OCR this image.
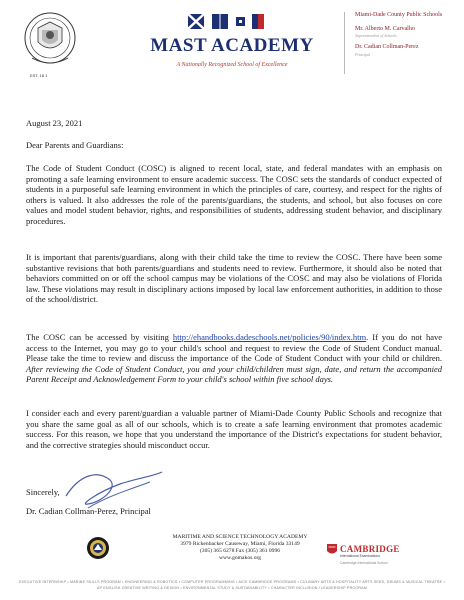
EST. 18 1
MAST ACADEMY
A Nationally Recognized School of Excellence
Miami-Dade County Public Schools
Mr. Alberto M. Carvalho
Superintendent of Schools
Dr. Cadian Collman-Perez
Principal
August 23, 2021
Dear Parents and Guardians:

The Code of Student Conduct (COSC) is aligned to recent local, state, and federal mandates with an emphasis on promoting a safe learning environment to ensure academic success. The COSC sets the standards of conduct expected of students in a purposeful safe learning environment in which the principles of care, courtesy, and respect for the rights of others is valued. It also addresses the role of the parents/guardians, the students, and school, but also focuses on core values and model student behavior, rights, and responsibilities of students, addressing student behavior, and disciplinary procedures.

It is important that parents/guardians, along with their child take the time to review the COSC. There have been some substantive revisions that both parents/guardians and students need to review. Furthermore, it should also be noted that behaviors committed on or off the school campus may be violations of the COSC and may also be violations of Florida law. These violations may result in disciplinary actions imposed by local law enforcement authorities, in addition to those of the school/district.

The COSC can be accessed by visiting http://ehandbooks.dadeschools.net/policies/90/index.htm. If you do not have access to the Internet, you may go to your child's school and request to review the Code of Student Conduct manual. Please take the time to review and discuss the importance of the Code of Student Conduct with your child or children. After reviewing the Code of Student Conduct, you and your child/children must sign, date, and return the accompanied Parent Receipt and Acknowledgement Form to your child's school within five school days.

I consider each and every parent/guardian a valuable partner of Miami-Dade County Public Schools and recognize that you share the same goal as all of our schools, which is to create a safe learning environment that promotes academic success. For this reason, we hope that you understand the importance of the District's expectations for student behavior, and the corrective strategies should misconduct occur.

Sincerely,
Dr. Cadian Collman-Perez, Principal
MARITIME AND SCIENCE TECHNOLOGY ACADEMY
3979 Rickenbacker Causeway, Miami, Florida 33149
(305) 365 6278 Fax (305) 361 0996
www.gomakos.org
CAMBRIDGE
International Examinations
Cambridge International School
EXECUTIVE INTERNSHIP • MARINE SKILLS PROGRAM • ENGINEERING & ROBOTICS • COMPUTER PROGRAMMING • AICE CAMBRIDGE PROGRAMS • CULINARY ARTS & HOSPITALITY ARTS SEED, DRUMS & MUSICAL THEATRE • AP ENGLISH CREATIVE WRITING & DESIGN • ENVIRONMENTAL STUDY & SUSTAINABILITY • CHARACTER INCLUSION / LEADERSHIP PROGRAM
